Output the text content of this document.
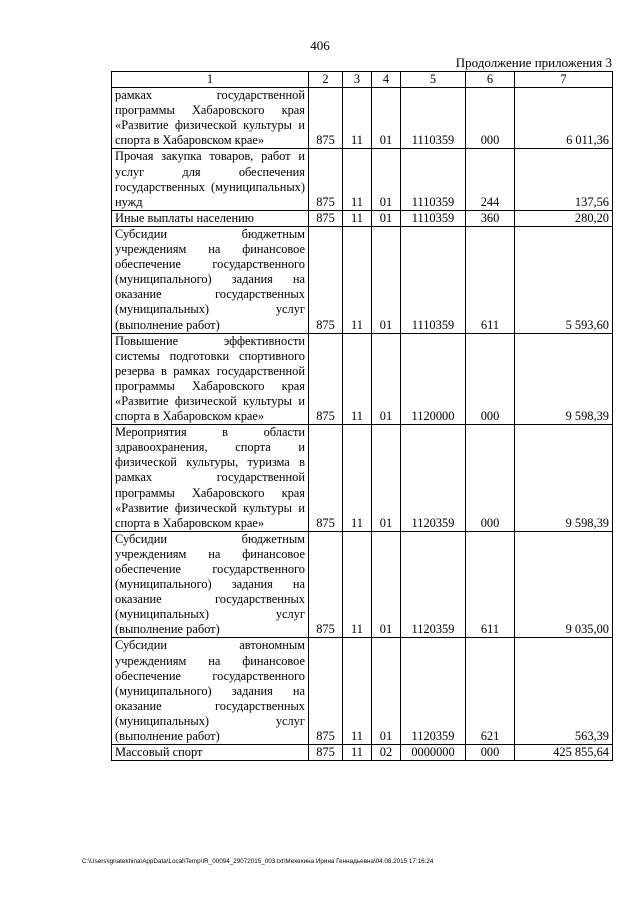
406
Продолжение приложения 3
1	2	3	4	5	6	7
рамках государственной программы Хабаровского края «Развитие физической культуры и спорта в Хабаровском крае»	875	11	01	1110359	000	6 011,36
Прочая закупка товаров, работ и услуг для обеспечения государственных (муниципальных) нужд	875	11	01	1110359	244	137,56
Иные выплаты населению	875	11	01	1110359	360	280,20
Субсидии бюджетным учреждениям на финансовое обеспечение государственного (муниципального) задания на оказание государственных (муниципальных) услуг (выполнение работ)	875	11	01	1110359	611	5 593,60
Повышение эффективности системы подготовки спортивного резерва в рамках государственной программы Хабаровского края «Развитие физической культуры и спорта в Хабаровском крае»	875	11	01	1120000	000	9 598,39
Мероприятия в области здравоохранения, спорта и физической культуры, туризма в рамках государственной программы Хабаровского края «Развитие физической культуры и спорта в Хабаровском крае»	875	11	01	1120359	000	9 598,39
Субсидии бюджетным учреждениям на финансовое обеспечение государственного (муниципального) задания на оказание государственных (муниципальных) услуг (выполнение работ)	875	11	01	1120359	611	9 035,00
Субсидии автономным учреждениям на финансовое обеспечение государственного (муниципального) задания на оказание государственных (муниципальных) услуг (выполнение работ)	875	11	01	1120359	621	563,39
Массовый спорт	875	11	02	0000000	000	425 855,64
C:\Users\ignatekhina\AppData\Local\Temp\IR_00094_29072015_003.txt\Мехехина Ирина Геннадьевна\04.08.2015 17:16:24
